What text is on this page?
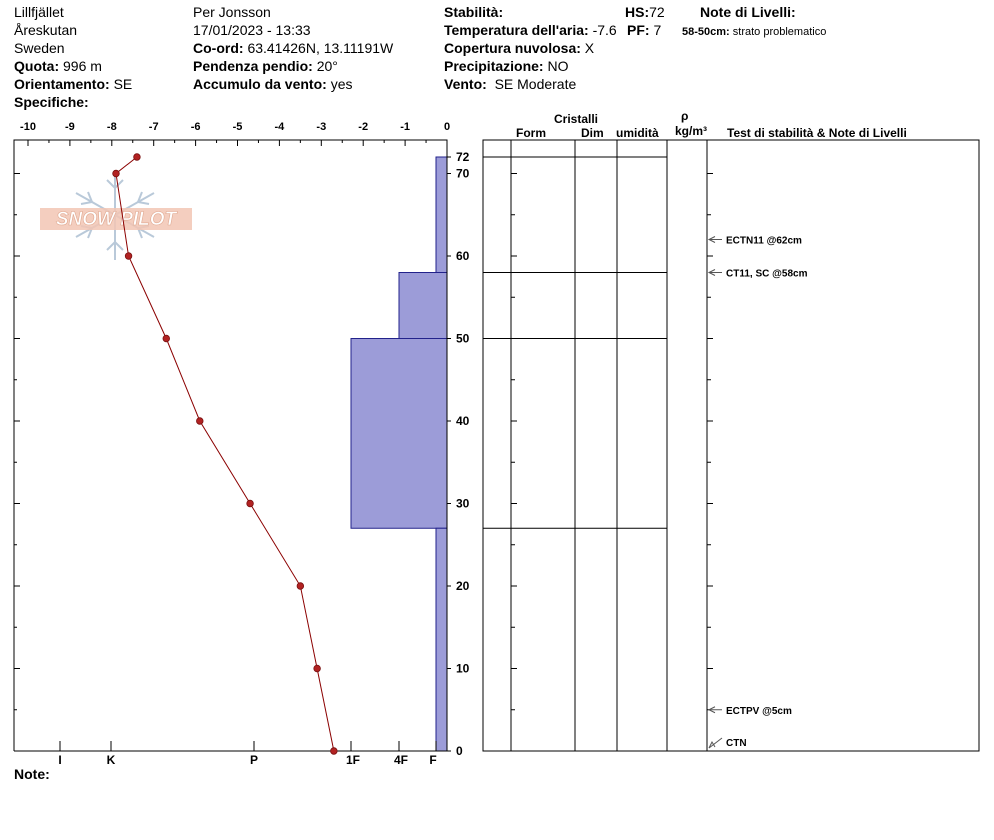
Lillfjället
Åreskutan
Sweden
Quota: 996 m
Orientamento: SE
Specifiche:
Per Jonsson
17/01/2023 - 13:33
Co-ord: 63.41426N, 13.11191W
Pendenza pendio: 20°
Accumulo da vento: yes
Stabilità:
Temperatura dell'aria: -7.6
Copertura nuvolosa: X
Precipitazione: NO
Vento: SE Moderate
HS:72
PF: 7
Note di Livelli:
58-50cm: strato problematico
Note:
Cristalli
Form	Dim umidità
ρ
kg/m³ Test di stabilità & Note di Livelli
SNOW PILOT
-10	-9	-8	-7	-6	-5	-4	-3	-2	-1	0
0
10
20
30
40
50
60
70
72
I	K	P	1F	4F F
ECTN11 @62cm
CT11, SC @58cm
ECTPV @5cm
CTN
